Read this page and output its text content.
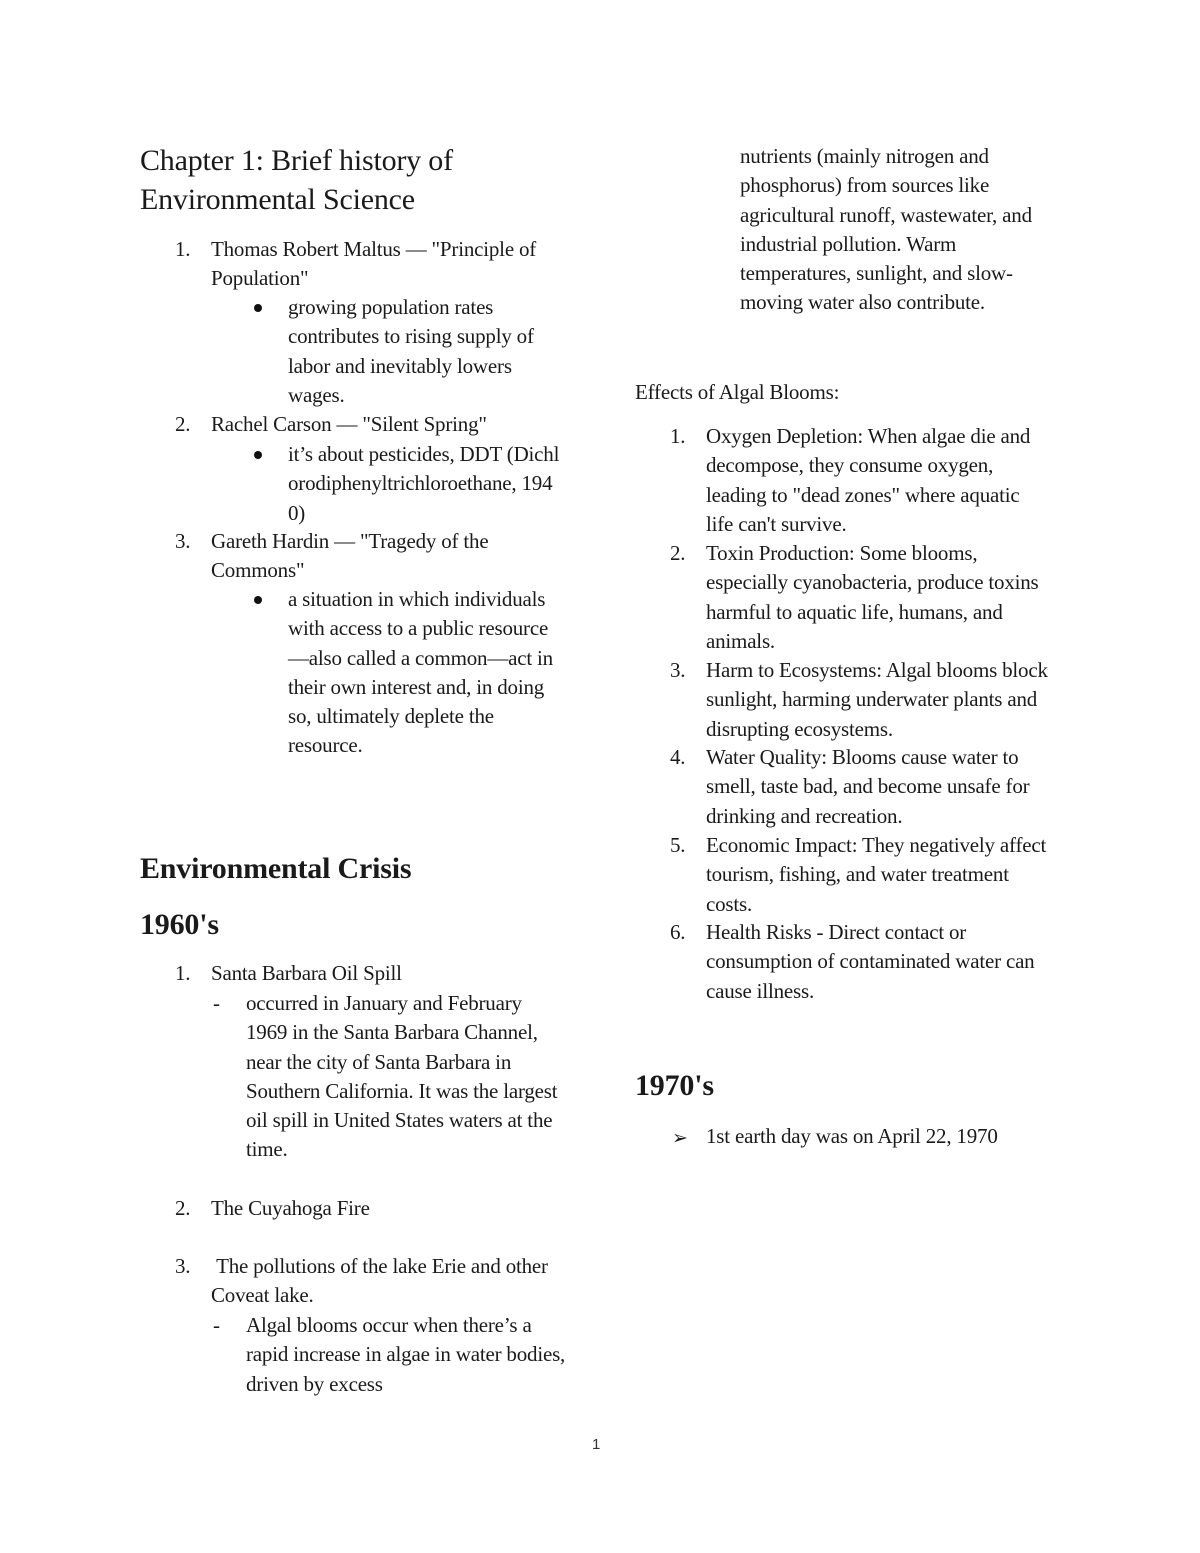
Chapter 1: Brief history of Environmental Science
1. Thomas Robert Maltus — "Principle of Population"
growing population rates contributes to rising supply of labor and inevitably lowers wages.
2. Rachel Carson — "Silent Spring"
it’s about pesticides, DDT (Dichlorodiphenyltrichloroethane, 1940)
3. Gareth Hardin — "Tragedy of the Commons"
a situation in which individuals with access to a public resource—also called a common—act in their own interest and, in doing so, ultimately deplete the resource.
Environmental Crisis
1960's
1. Santa Barbara Oil Spill
- occurred in January and February 1969 in the Santa Barbara Channel, near the city of Santa Barbara in Southern California. It was the largest oil spill in United States waters at the time.
2. The Cuyahoga Fire
3. The pollutions of the lake Erie and other Coveat lake.
- Algal blooms occur when there’s a rapid increase in algae in water bodies, driven by excess
nutrients (mainly nitrogen and phosphorus) from sources like agricultural runoff, wastewater, and industrial pollution. Warm temperatures, sunlight, and slow-moving water also contribute.
Effects of Algal Blooms:
1. Oxygen Depletion: When algae die and decompose, they consume oxygen, leading to "dead zones" where aquatic life can't survive.
2. Toxin Production: Some blooms, especially cyanobacteria, produce toxins harmful to aquatic life, humans, and animals.
3. Harm to Ecosystems: Algal blooms block sunlight, harming underwater plants and disrupting ecosystems.
4. Water Quality: Blooms cause water to smell, taste bad, and become unsafe for drinking and recreation.
5. Economic Impact: They negatively affect tourism, fishing, and water treatment costs.
6. Health Risks - Direct contact or consumption of contaminated water can cause illness.
1970's
➢ 1st earth day was on April 22, 1970
1
